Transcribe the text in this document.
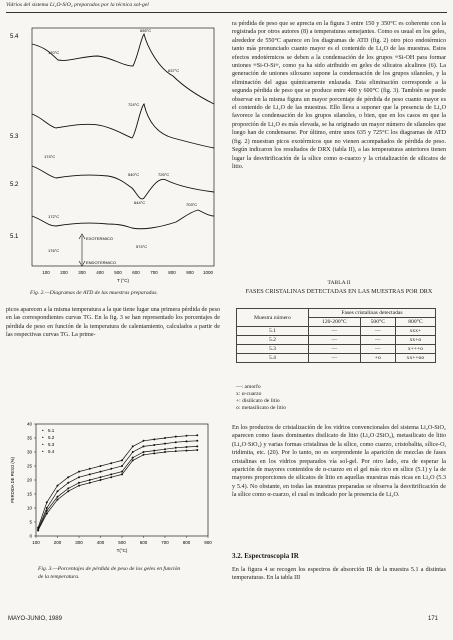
Vidrios del sistema Li₂O-SiO₂ preparados por la técnica sol-gel
5.4
5.3
5.2
5.1
170°C
655°C
637°C
725°C
174°C
540°C
724°C
644°C
172°C
703°C
176°C
574°C
EXOTERMICO
ENDOTERMICO
100 200 300 400 500 600 700 800 900 1000
T (°C)
Fig. 2.—Diagramas de ATD de las muestras preparadas.

picos aparecen a la misma temperatura a la que tiene lugar una primera pérdida de peso en las correspondientes curvas TG. En la fig. 3 se han representado los porcentajes de pérdida de peso en función de la temperatura de calentamiento, calculados a partir de las respectivas curvas TG. La prime-

100	200	300	400	500	600	700	800	900
0
5
10
15
20
25
30
35
40
T(°C)
PERDIDA DE PESO (%)
• 5.1
• 5.2
• 5.3
• 5.4
Fig. 3.—Porcentajes de pérdida de peso de los geles en función
de la temperatura.

ra pérdida de peso que se aprecia en la figura 3 entre 150 y 350°C es coherente con la registrada por otros autores (8) a temperaturas semejantes. Como es usual en los geles, alrededor de 550°C aparece en los diagramas de ATD (fig. 2) otro pico endotérmico tanto más pronunciado cuanto mayor es el contenido de Li₂O de las muestras. Estos efectos endotérmicos se deben a la condensación de los grupos ≡Si-OH para formar uniones ≡Si-O-Si≡, como ya ha sido atribuido en geles de silicatos alcalinos (6). La generación de uniones siloxano supone la condensación de los grupos silanoles, y la eliminación del agua químicamente enlazada. Esta eliminación corresponde a la segunda pérdida de peso que se produce entre 400 y 600°C (fig. 3). También se puede observar en la misma figura un mayor porcentaje de pérdida de peso cuanto mayor es el contenido de Li₂O de las muestras. Ello lleva a suponer que la presencia de Li₂O favorece la condensación de los grupos silanoles, o bien, que en los casos en que la proporción de Li₂O es más elevada, se ha originado un mayor número de silanoles que luego han de condensarse. Por último, entre unos 635 y 725°C los diagramas de ATD (fig. 2) muestran picos exotérmicos que no vienen acompañados de pérdida de peso. Según indicaron los resultados de DRX (tabla II), a las temperaturas anteriores tienen lugar la desvitrificación de la sílice como α-cuarzo y la cristalización de silicatos de litio.

TABLA II
FASES CRISTALINAS DETECTADAS EN LAS MUESTRAS POR DRX
Muestra número	Fases cristalinas detectadas		
	120-200°C	500°C	800°C
5.1	—	—	xxx+
5.2	—	—	xx+o
5.3	—	—	x+++o
5.4	—	+o	xx++oo
—: amorfo
x: α-cuarzo
+: disilicato de litio
o: metasilicato de litio

En los productos de cristalización de los vidrios convencionales del sistema Li₂O-SiO₂ aparecen como fases dominantes disilicato de litio (Li₂O·2SiO₂), metasilicato de litio (Li₂O·SiO₂) y varias formas cristalinas de la sílice, como cuarzo, cristobalita, sílice-O, tridimita, etc. (20). Por lo tanto, no es sorprendente la aparición de mezclas de fases cristalinas en los vidrios preparados vía sol-gel. Por otro lado, era de esperar la aparición de mayores contenidos de α-cuarzo en el gel más rico en sílice (5.1) y la de mayores proporciones de silicatos de litio en aquellas muestras más ricas en Li₂O (5.3 y 5.4). No obstante, en todas las muestras preparadas se observa la desvitrificación de la sílice como α-cuarzo, el cual es indicado por la presencia de Li₂O.

3.2. Espectroscopia IR

En la figura 4 se recogen los espectros de absorción IR de la muestra 5.1 a distintas temperaturas. En la tabla III

MAYO-JUNIO, 1989	171
